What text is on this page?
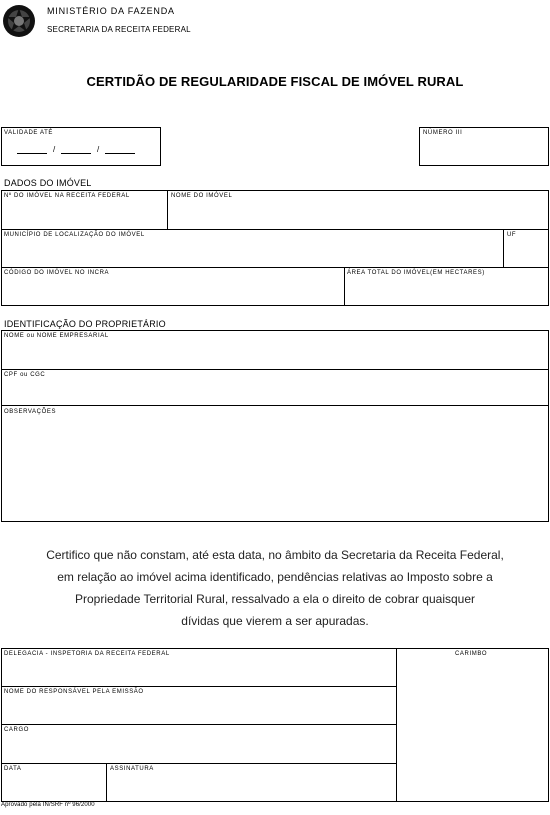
MINISTÉRIO DA FAZENDA
SECRETARIA DA RECEITA FEDERAL
CERTIDÃO DE REGULARIDADE FISCAL DE IMÓVEL RURAL
VALIDADE ATÉ
/	/
NÚMERO III
DADOS DO IMÓVEL
Nº DO IMÓVEL NA RECEITA FEDERAL	NOME DO IMÓVEL
MUNICÍPIO DE LOCALIZAÇÃO DO IMÓVEL	UF
CÓDIGO DO IMÓVEL NO INCRA	ÁREA TOTAL DO IMÓVEL(EM HECTARES)
IDENTIFICAÇÃO DO PROPRIETÁRIO
NOME ou NOME EMPRESARIAL
CPF ou CGC
OBSERVAÇÕES
Certifico que não constam, até esta data, no âmbito da Secretaria da Receita Federal,
em relação ao imóvel acima identificado, pendências relativas ao Imposto sobre a
Propriedade Territorial Rural, ressalvado a ela o direito de cobrar quaisquer
dívidas que vierem a ser apuradas.
DELEGACIA - INSPETORIA DA RECEITA FEDERAL	CARIMBO
NOME DO RESPONSÁVEL PELA EMISSÃO
CARGO
DATA	ASSINATURA
Aprovado pela IN/SRF nº 96/2000
